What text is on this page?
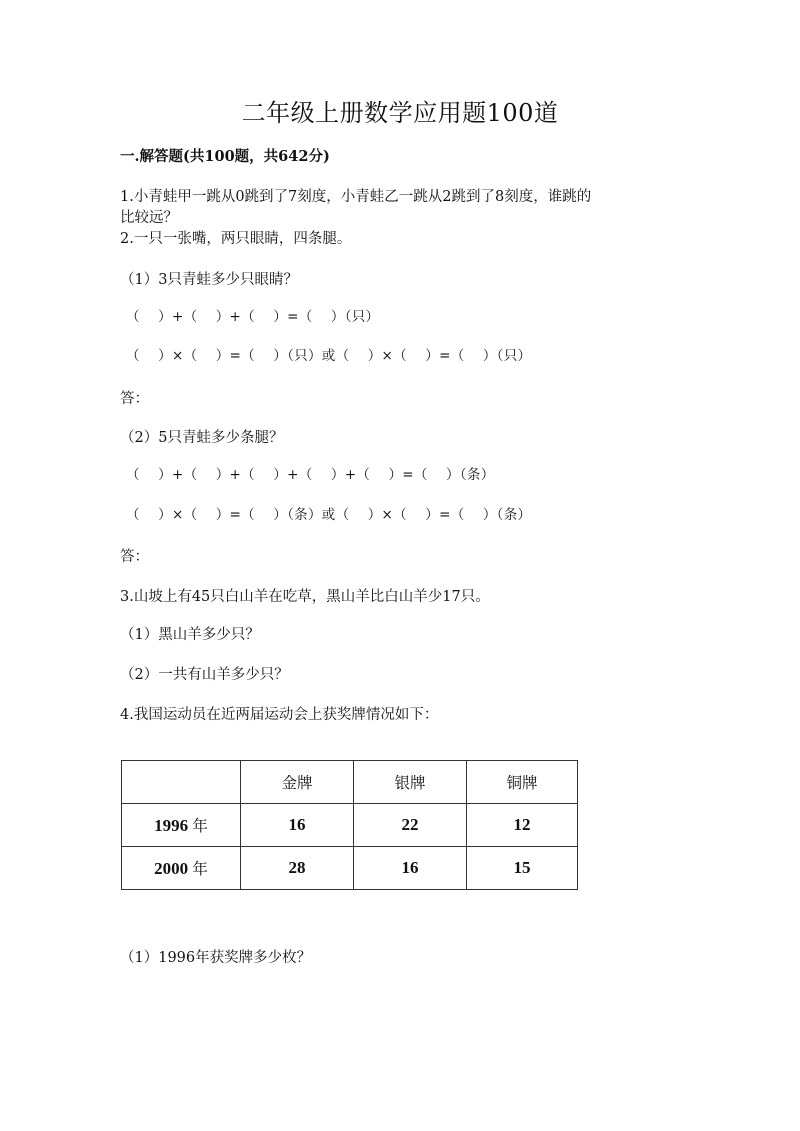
二年级上册数学应用题100道
一.解答题(共100题，共642分)
1.小青蛙甲一跳从0跳到了7刻度，小青蛙乙一跳从2跳到了8刻度，谁跳的
比较远？
2.一只一张嘴，两只眼睛，四条腿。
（1）3只青蛙多少只眼睛？
（    ）+（    ）+（    ）=（    ）（只）
（    ）×（    ）=（    ）（只）或（    ）×（    ）=（    ）（只）
答：
（2）5只青蛙多少条腿？
（    ）+（    ）+（    ）+（    ）+（    ）=（    ）（条）
（    ）×（    ）=（    ）（条）或（    ）×（    ）=（    ）（条）
答：
3.山坡上有45只白山羊在吃草，黑山羊比白山羊少17只。
（1）黑山羊多少只？
（2）一共有山羊多少只？
4.我国运动员在近两届运动会上获奖牌情况如下：
	金牌	银牌	铜牌
1996 年	16	22	12
2000 年	28	16	15
（1）1996年获奖牌多少枚？
